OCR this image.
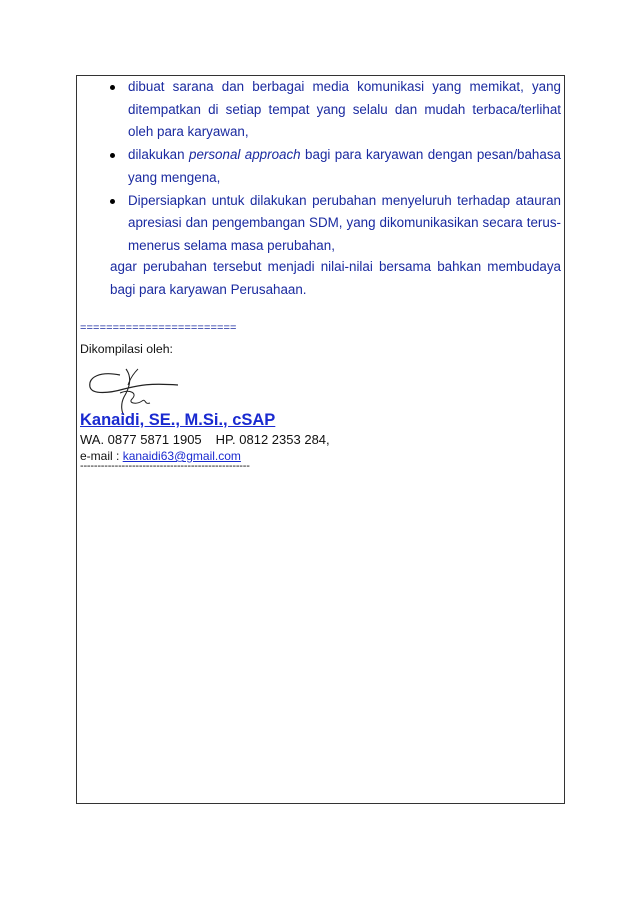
dibuat sarana dan berbagai media komunikasi yang memikat, yang ditempatkan di setiap tempat yang selalu dan mudah terbaca/terlihat oleh para karyawan,
dilakukan personal approach bagi para karyawan dengan pesan/bahasa yang mengena,
Dipersiapkan untuk dilakukan perubahan menyeluruh terhadap atauran apresiasi dan pengembangan SDM, yang dikomunikasikan secara terus-menerus selama masa perubahan,

agar perubahan tersebut menjadi nilai-nilai bersama bahkan membudaya bagi para karyawan Perusahaan.

========================
Dikompilasi oleh:
Kanaidi, SE., M.Si., cSAP
WA. 0877 5871 1905 HP. 0812 2353 284,
e-mail : kanaidi63@gmail.com
-------------------------------------------------
